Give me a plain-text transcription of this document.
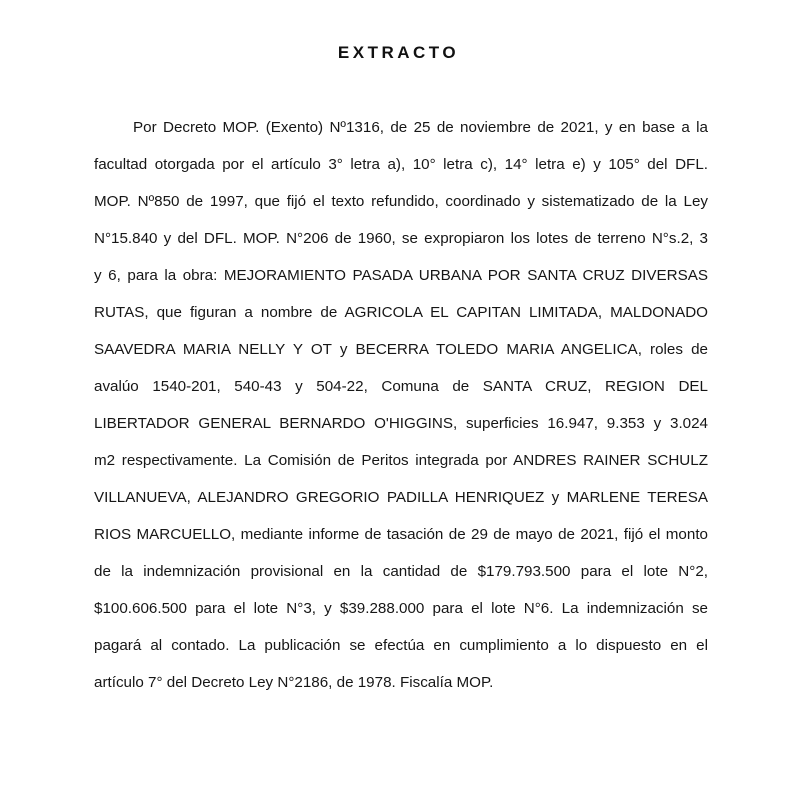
EXTRACTO
Por Decreto MOP. (Exento) Nº1316, de 25 de noviembre de 2021, y en base a la
facultad otorgada por el artículo 3° letra a), 10° letra c), 14° letra e) y 105° del DFL.
MOP. Nº850 de 1997, que fijó el texto refundido, coordinado y sistematizado de la Ley
N°15.840 y del DFL. MOP. N°206 de 1960, se expropiaron los lotes de terreno N°s.2, 3
y 6, para la obra: MEJORAMIENTO PASADA URBANA POR SANTA CRUZ DIVERSAS
RUTAS, que figuran a nombre de AGRICOLA EL CAPITAN LIMITADA, MALDONADO
SAAVEDRA MARIA NELLY Y OT y BECERRA TOLEDO MARIA ANGELICA, roles de
avalúo 1540-201, 540-43 y 504-22, Comuna de SANTA CRUZ, REGION DEL
LIBERTADOR GENERAL BERNARDO O'HIGGINS, superficies 16.947, 9.353 y 3.024
m2 respectivamente. La Comisión de Peritos integrada por ANDRES RAINER SCHULZ
VILLANUEVA, ALEJANDRO GREGORIO PADILLA HENRIQUEZ y MARLENE TERESA
RIOS MARCUELLO, mediante informe de tasación de 29 de mayo de 2021, fijó el monto
de la indemnización provisional en la cantidad de $179.793.500 para el lote N°2,
$100.606.500 para el lote N°3, y $39.288.000 para el lote N°6. La indemnización se
pagará al contado. La publicación se efectúa en cumplimiento a lo dispuesto en el
artículo 7° del Decreto Ley N°2186, de 1978. Fiscalía MOP.
